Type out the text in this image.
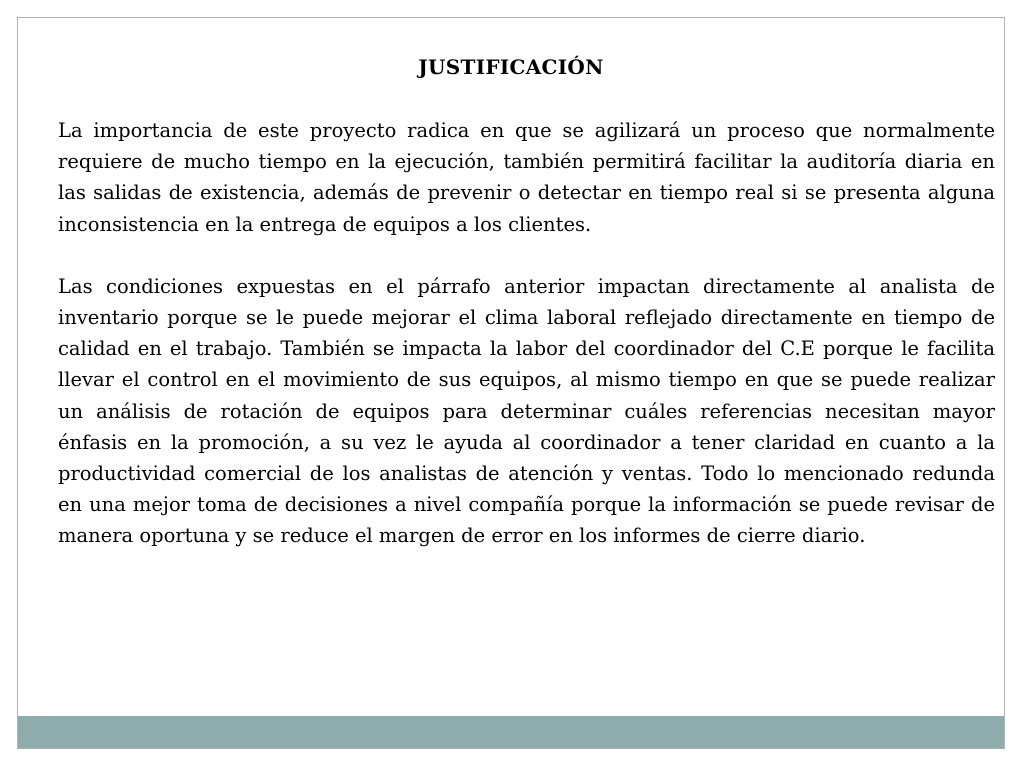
JUSTIFICACIÓN

La importancia de este proyecto radica en que se agilizará un proceso que normalmente requiere de mucho tiempo en la ejecución, también permitirá facilitar la auditoría diaria en las salidas de existencia, además de prevenir o detectar en tiempo real si se presenta alguna inconsistencia en la entrega de equipos a los clientes.

Las condiciones expuestas en el párrafo anterior impactan directamente al analista de inventario porque se le puede mejorar el clima laboral reflejado directamente en tiempo de calidad en el trabajo. También se impacta la labor del coordinador del C.E porque le facilita llevar el control en el movimiento de sus equipos, al mismo tiempo en que se puede realizar un análisis de rotación de equipos para determinar cuáles referencias necesitan mayor énfasis en la promoción, a su vez le ayuda al coordinador a tener claridad en cuanto a la productividad comercial de los analistas de atención y ventas. Todo lo mencionado redunda en una mejor toma de decisiones a nivel compañía porque la información se puede revisar de manera oportuna y se reduce el margen de error en los informes de cierre diario.
